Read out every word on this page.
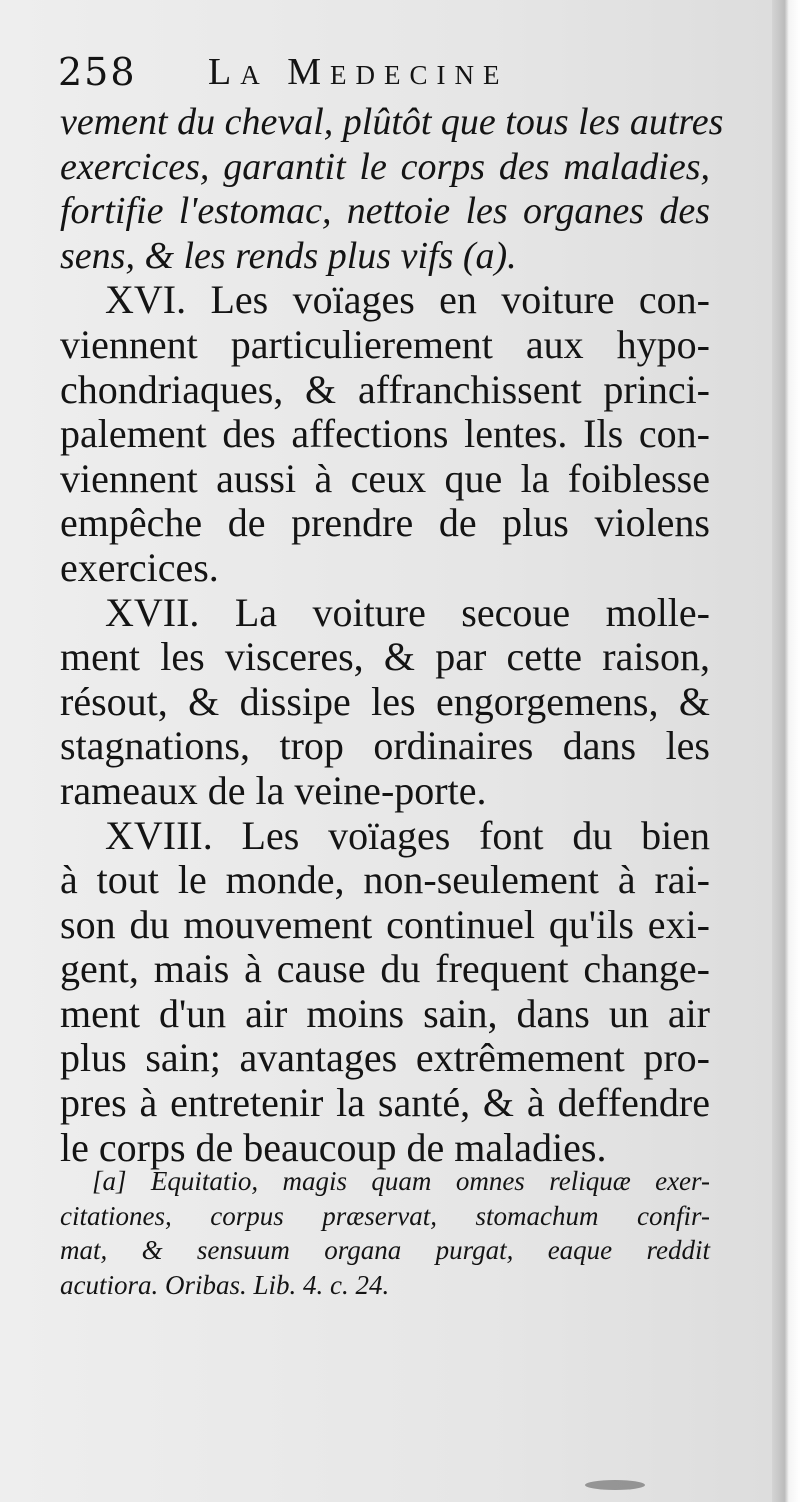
258 La Medecine
vement du cheval, plûtôt que tous les autres
exercices, garantit le corps des maladies,
fortifie l'estomac, nettoie les organes des
sens, & les rends plus vifs (a).
XVI. Les voïages en voiture con-
viennent particulierement aux hypo-
chondriaques, & affranchissent princi-
palement des affections lentes. Ils con-
viennent aussi à ceux que la foiblesse
empêche de prendre de plus violens
exercices.
XVII. La voiture secoue molle-
ment les visceres, & par cette raison,
résout, & dissipe les engorgemens, &
stagnations, trop ordinaires dans les
rameaux de la veine-porte.
XVIII. Les voïages font du bien
à tout le monde, non-seulement à rai-
son du mouvement continuel qu'ils exi-
gent, mais à cause du frequent change-
ment d'un air moins sain, dans un air
plus sain; avantages extrêmement pro-
pres à entretenir la santé, & à deffendre
le corps de beaucoup de maladies.
[a] Equitatio, magis quam omnes reliquæ exer-
citationes, corpus præservat, stomachum confir-
mat, & sensuum organa purgat, eaque reddit
acutiora. Oribas. Lib. 4. c. 24.
